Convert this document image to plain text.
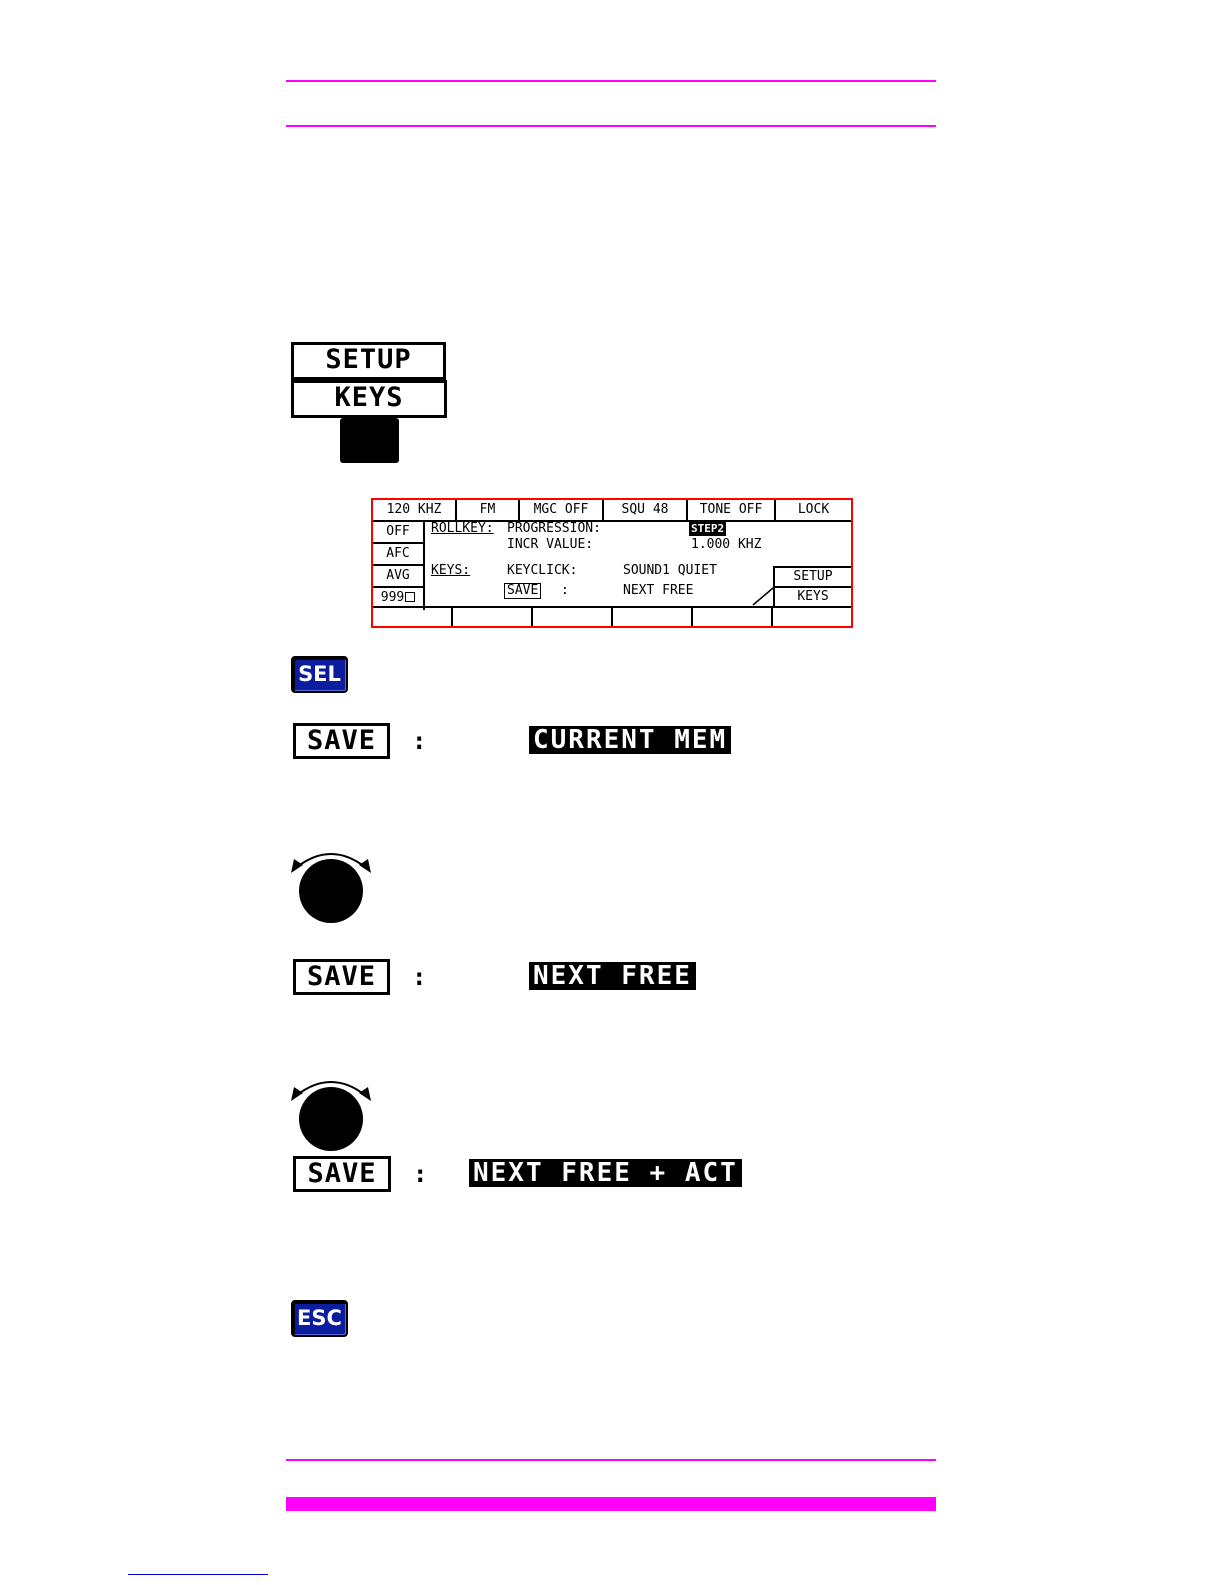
SETUP
KEYS
120 KHZ	FM	MGC OFF	SQU 48	TONE OFF	LOCK
OFF
AFC
AVG
999
ROLLKEY: PROGRESSION:	STEP2
INCR VALUE:	1.000 KHZ
KEYS:	KEYCLICK:	SOUND1 QUIET
SAVE :	NEXT FREE
SETUP
KEYS
SEL
SAVE	:	CURRENT MEM
SAVE	:	NEXT FREE
SAVE	: NEXT FREE + ACT
ESC
